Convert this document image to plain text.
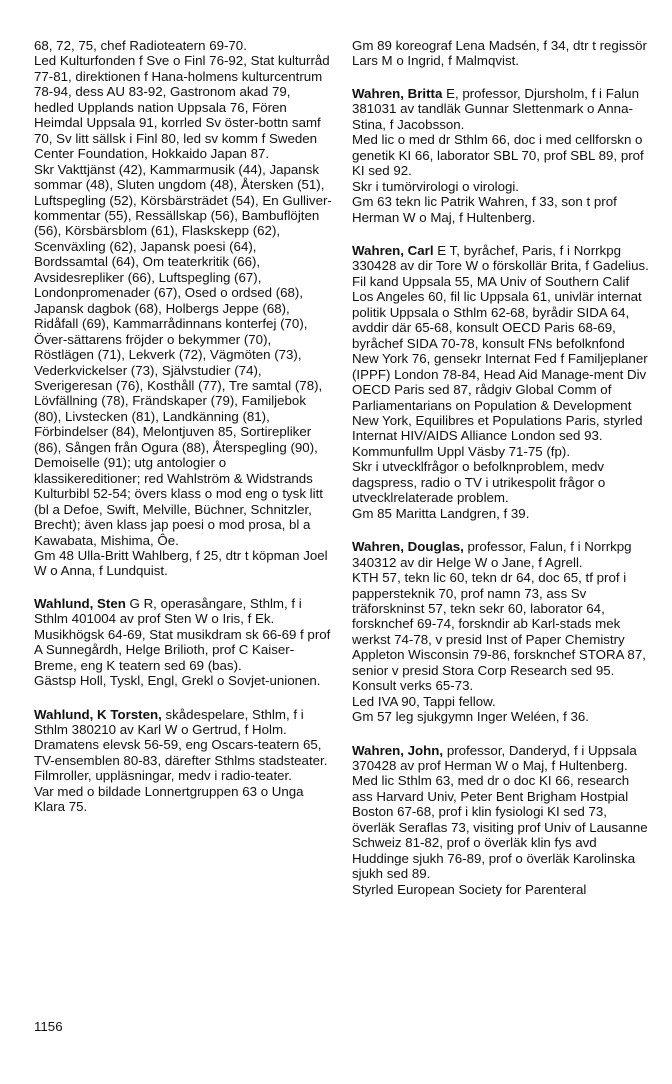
68, 72, 75, chef Radioteatern 69-70.
Led Kulturfonden f Sve o Finl 76-92, Stat kulturråd 77-81, direktionen f Hana-holmens kulturcentrum 78-94, dess AU 83-92, Gastronom akad 79, hedled Upplands nation Uppsala 76, Fören Heimdal Uppsala 91, korrled Sv öster-bottn samf 70, Sv litt sällsk i Finl 80, led sv komm f Sweden Center Foundation, Hokkaido Japan 87.
Skr Vakttjänst (42), Kammarmusik (44), Japansk sommar (48), Sluten ungdom (48), Återsken (51), Luftspegling (52), Körsbärsträdet (54), En Gulliver-kommentar (55), Ressällskap (56), Bambuflöjten (56), Körsbärsblom (61), Flaskskepp (62), Scenväxling (62), Japansk poesi (64), Bordssamtal (64), Om teaterkritik (66), Avsidesrepliker (66), Luftspegling (67), Londonpromenader (67), Osed o ordsed (68), Japansk dagbok (68), Holbergs Jeppe (68), Ridåfall (69), Kammarrådinnans konterfej (70), Över-sättarens fröjder o bekymmer (70), Röstlägen (71), Lekverk (72), Vägmöten (73), Vederkvickelser (73), Självstudier (74), Sverigeresan (76), Kosthåll (77), Tre samtal (78), Lövfällning (78), Frändskaper (79), Familjebok (80), Livstecken (81), Landkänning (81), Förbindelser (84), Melontjuven 85, Sortirepliker (86), Sången från Ogura (88), Återspegling (90), Demoiselle (91); utg antologier o klassikereditioner; red Wahlström & Widstrands Kulturbibl 52-54; övers klass o mod eng o tysk litt (bl a Defoe, Swift, Melville, Büchner, Schnitzler, Brecht); även klass jap poesi o mod prosa, bl a Kawabata, Mishima, Ôe.
Gm 48 Ulla-Britt Wahlberg, f 25, dtr t köpman Joel W o Anna, f Lundquist.

Wahlund, Sten G R, operasångare, Sthlm, f i Sthlm 401004 av prof Sten W o Iris, f Ek.
Musikhögsk 64-69, Stat musikdram sk 66-69 f prof A Sunnegårdh, Helge Brilioth, prof C Kaiser-Breme, eng K teatern sed 69 (bas).
Gästsp Holl, Tyskl, Engl, Grekl o Sovjet-unionen.
Wahlund, K Torsten, skådespelare, Sthlm, f i Sthlm 380210 av Karl W o Gertrud, f Holm.
Dramatens elevsk 56-59, eng Oscars-teatern 65, TV-ensemblen 80-83, därefter Sthlms stadsteater.
Filmroller, uppläsningar, medv i radio-teater.
Var med o bildade Lonnertgruppen 63 o Unga Klara 75.

Gm 89 koreograf Lena Madsén, f 34, dtr t regissör Lars M o Ingrid, f Malmqvist.

Wahren, Britta E, professor, Djursholm, f i Falun 381031 av tandläk Gunnar Slettenmark o Anna-Stina, f Jacobsson.
Med lic o med dr Sthlm 66, doc i med cellforskn o genetik KI 66, laborator SBL 70, prof SBL 89, prof KI sed 92.
Skr i tumörvirologi o virologi.
Gm 63 tekn lic Patrik Wahren, f 33, son t prof Herman W o Maj, f Hultenberg.
Wahren, Carl E T, byråchef, Paris, f i Norrkpg 330428 av dir Tore W o förskollär Brita, f Gadelius.
Fil kand Uppsala 55, MA Univ of Southern Calif Los Angeles 60, fil lic Uppsala 61, univlär internat politik Uppsala o Sthlm 62-68, byrådir SIDA 64, avddir där 65-68, konsult OECD Paris 68-69, byråchef SIDA 70-78, konsult FNs befolknfond New York 76, gensekr Internat Fed f Familjeplaner (IPPF) London 78-84, Head Aid Manage-ment Div OECD Paris sed 87, rådgiv Global Comm of Parliamentarians on Population & Development New York, Equilibres et Populations Paris, styrled Internat HIV/AIDS Alliance London sed 93.
Kommunfullm Uppl Väsby 71-75 (fp).
Skr i utvecklfrågor o befolknproblem, medv dagspress, radio o TV i utrikespolit frågor o utvecklrelaterade problem.
Gm 85 Maritta Landgren, f 39.
Wahren, Douglas, professor, Falun, f i Norrkpg 340312 av dir Helge W o Jane, f Agrell.
KTH 57, tekn lic 60, tekn dr 64, doc 65, tf prof i pappersteknik 70, prof namn 73, ass Sv träforskninst 57, tekn sekr 60, laborator 64, forsknchef 69-74, forskndir ab Karl-stads mek werkst 74-78, v presid Inst of Paper Chemistry Appleton Wisconsin 79-86, forsknchef STORA 87, senior v presid Stora Corp Research sed 95.
Konsult verks 65-73.
Led IVA 90, Tappi fellow.
Gm 57 leg sjukgymn Inger Weléen, f 36.
Wahren, John, professor, Danderyd, f i Uppsala 370428 av prof Herman W o Maj, f Hultenberg.
Med lic Sthlm 63, med dr o doc KI 66, research ass Harvard Univ, Peter Bent Brigham Hostpial Boston 67-68, prof i klin fysiologi KI sed 73, överläk Seraflas 73, visiting prof Univ of Lausanne Schweiz 81-82, prof o överläk klin fys avd Huddinge sjukh 76-89, prof o överläk Karolinska sjukh sed 89.
Styrled European Society for Parenteral
1156
